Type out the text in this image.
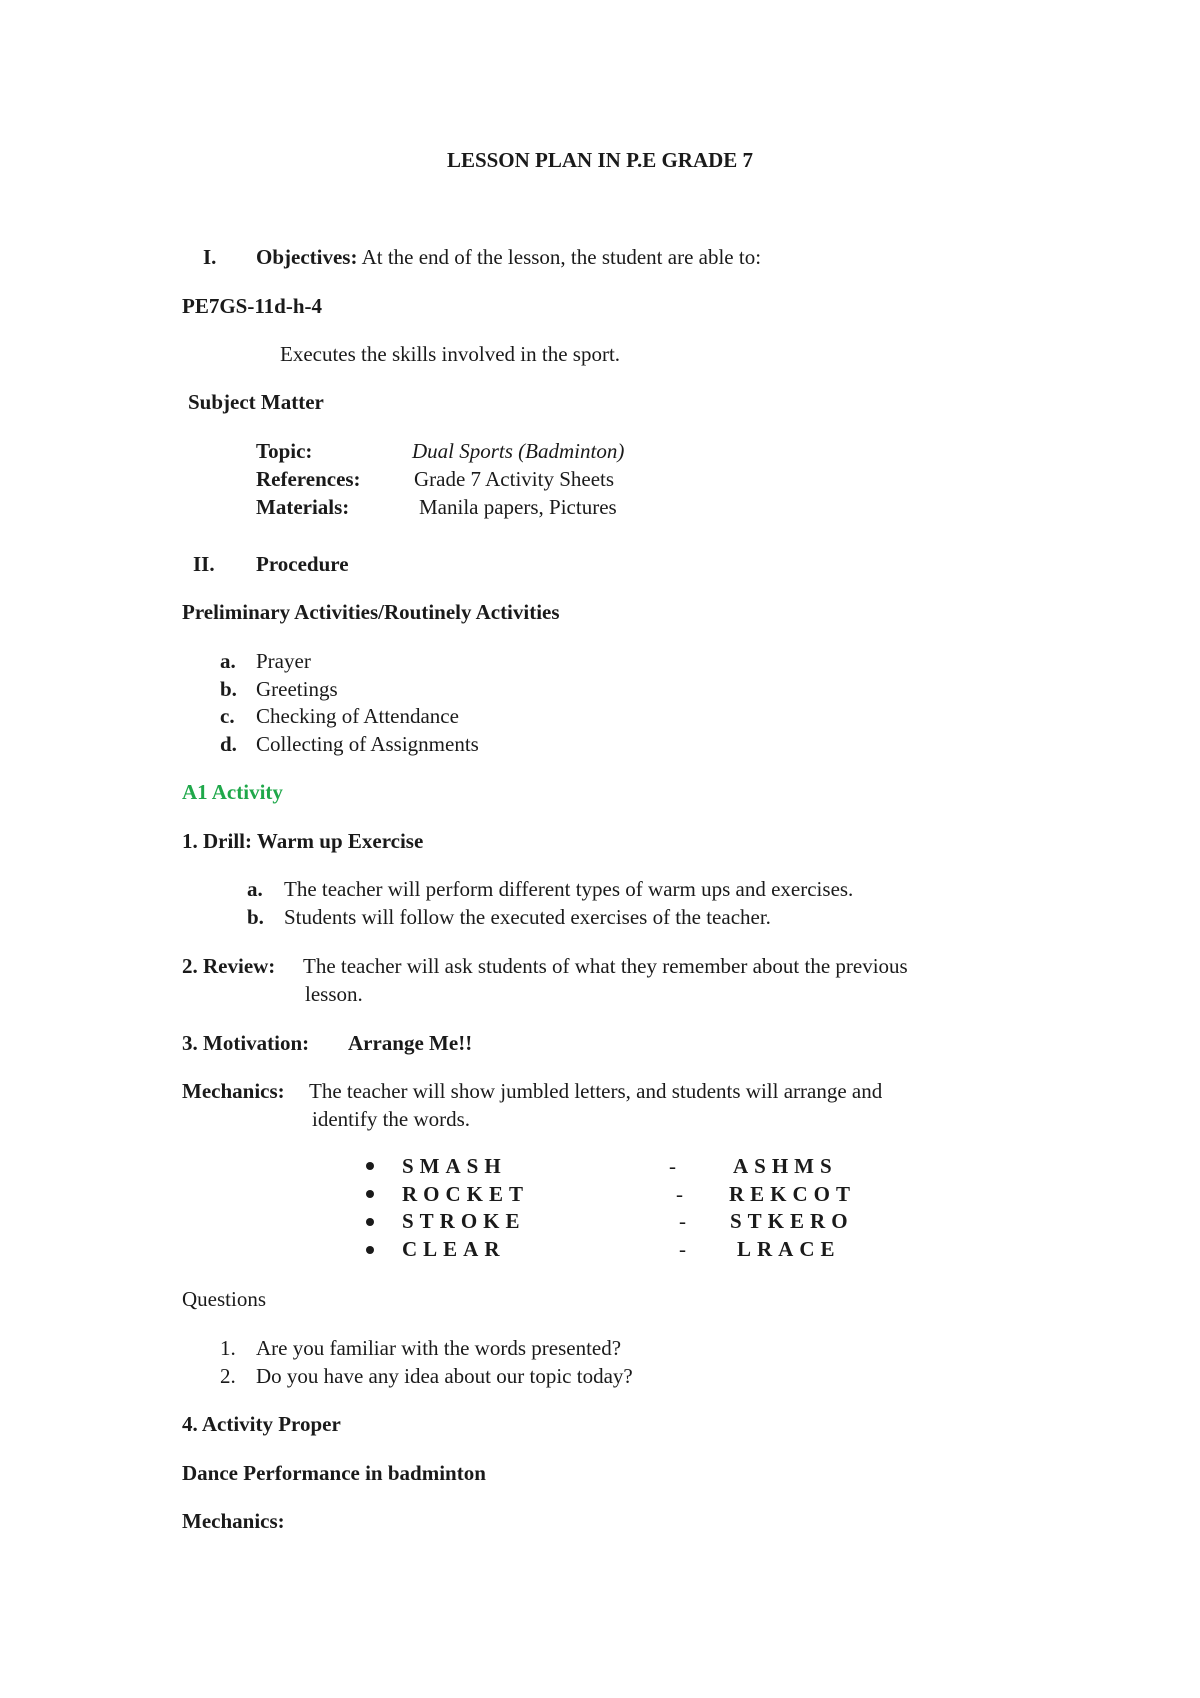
LESSON PLAN IN P.E GRADE 7
I. Objectives: At the end of the lesson, the student are able to:
PE7GS-11d-h-4
Executes the skills involved in the sport.
Subject Matter
Topic:	Dual Sports (Badminton)
References:	Grade 7 Activity Sheets
Materials:	Manila papers, Pictures
II. Procedure
Preliminary Activities/Routinely Activities
a. Prayer
b. Greetings
c. Checking of Attendance
d. Collecting of Assignments
A1 Activity
1. Drill: Warm up Exercise
a. The teacher will perform different types of warm ups and exercises.
b. Students will follow the executed exercises of the teacher.
2. Review: The teacher will ask students of what they remember about the previous
lesson.
3. Motivation: Arrange Me!!
Mechanics: The teacher will show jumbled letters, and students will arrange and
identify the words.
SMASH	-	ASHMS
ROCKET	- REKCOT
STROKE	- STKERO
CLEAR	- LRACE
Questions
1. Are you familiar with the words presented?
2. Do you have any idea about our topic today?
4. Activity Proper
Dance Performance in badminton
Mechanics:
